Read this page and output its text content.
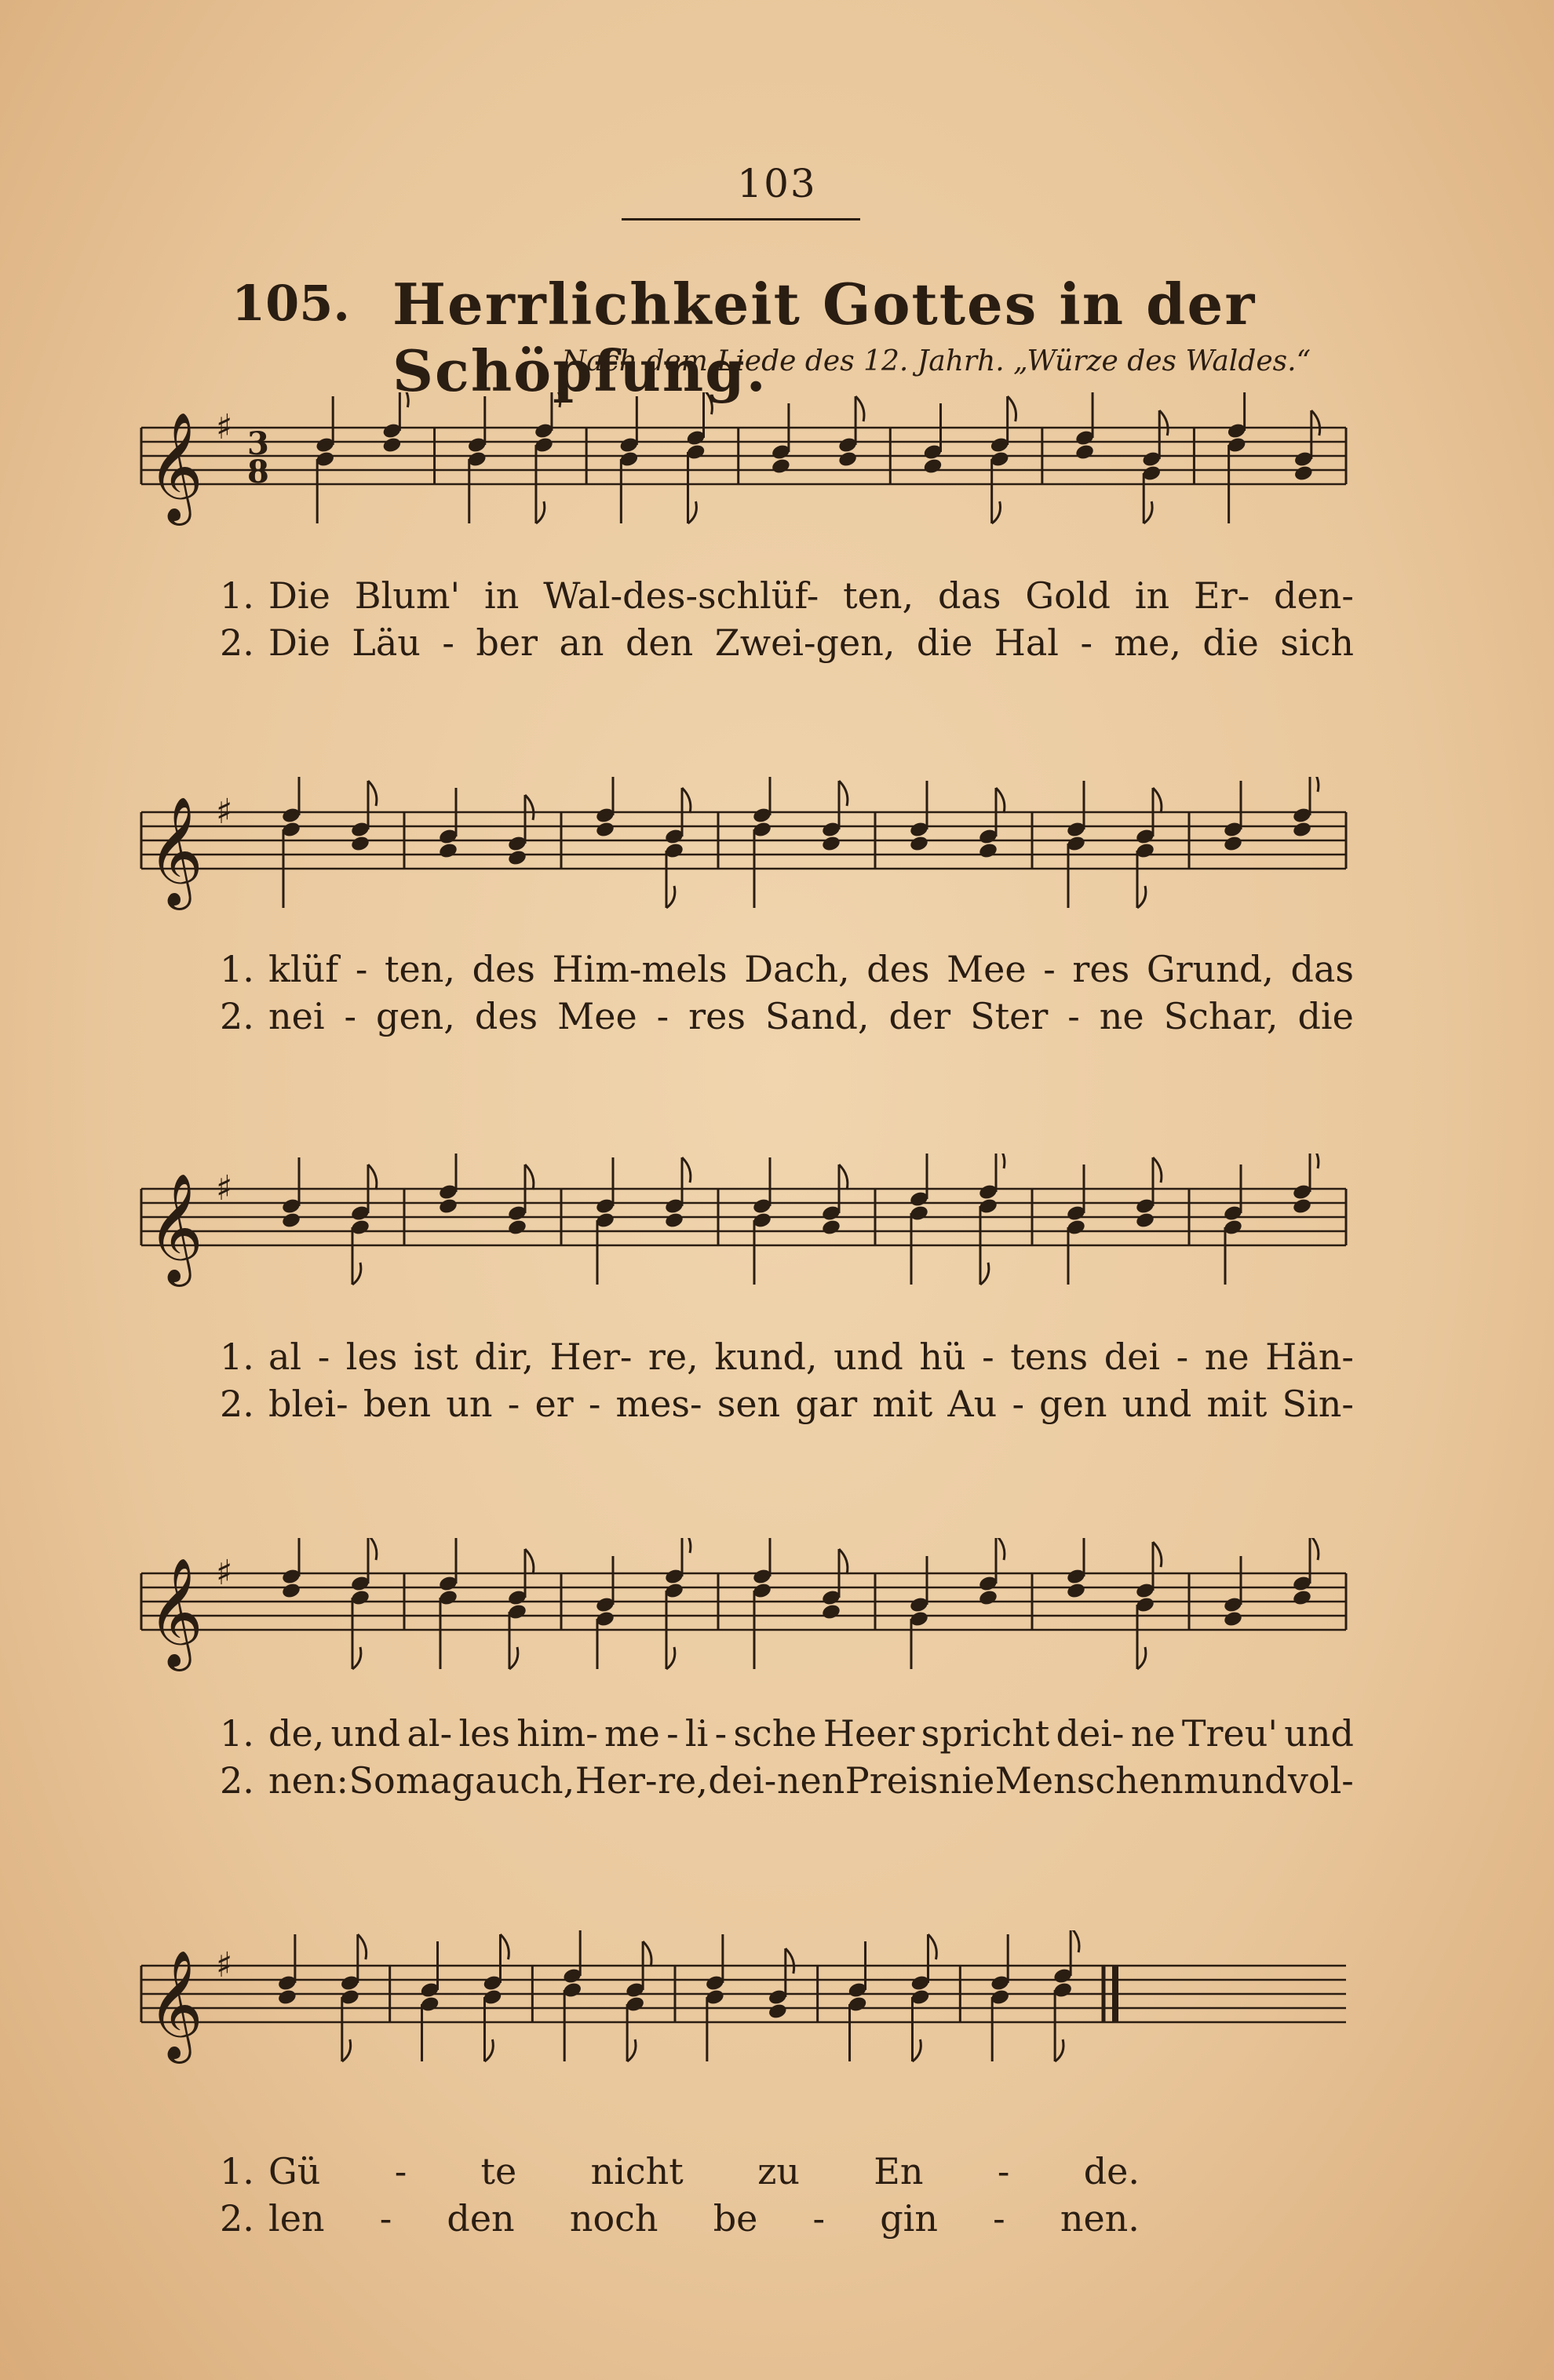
103
105. Herrlichkeit Gottes in der Schöpfung.
Nach dem Liede des 12. Jahrh. „Würze des Waldes.“
𝄞 ♯ 3
8
1. Die Blum' in Wal-des-schlüf- ten, das Gold in Er- den-
2. Die Läu - ber an den Zwei-gen, die Hal - me, die sich
𝄞 ♯
1. klüf - ten, des Him-mels Dach, des Mee - res Grund, das
2. nei - gen, des Mee - res Sand, der Ster - ne Schar, die
𝄞 ♯
1. al - les ist dir, Her- re, kund, und hü - tens dei - ne Hän-
2. blei- ben un - er - mes- sen gar mit Au - gen und mit Sin-
𝄞 ♯
1. de, und al- les him- me - li - sche Heer spricht dei- ne Treu' und
2. nen: So mag auch, Her- re, dei- nen Preis nie Menschen mund vol-
𝄞 ♯
1. Gü - te nicht zu En - de.
2. len - den noch be - gin - nen.
